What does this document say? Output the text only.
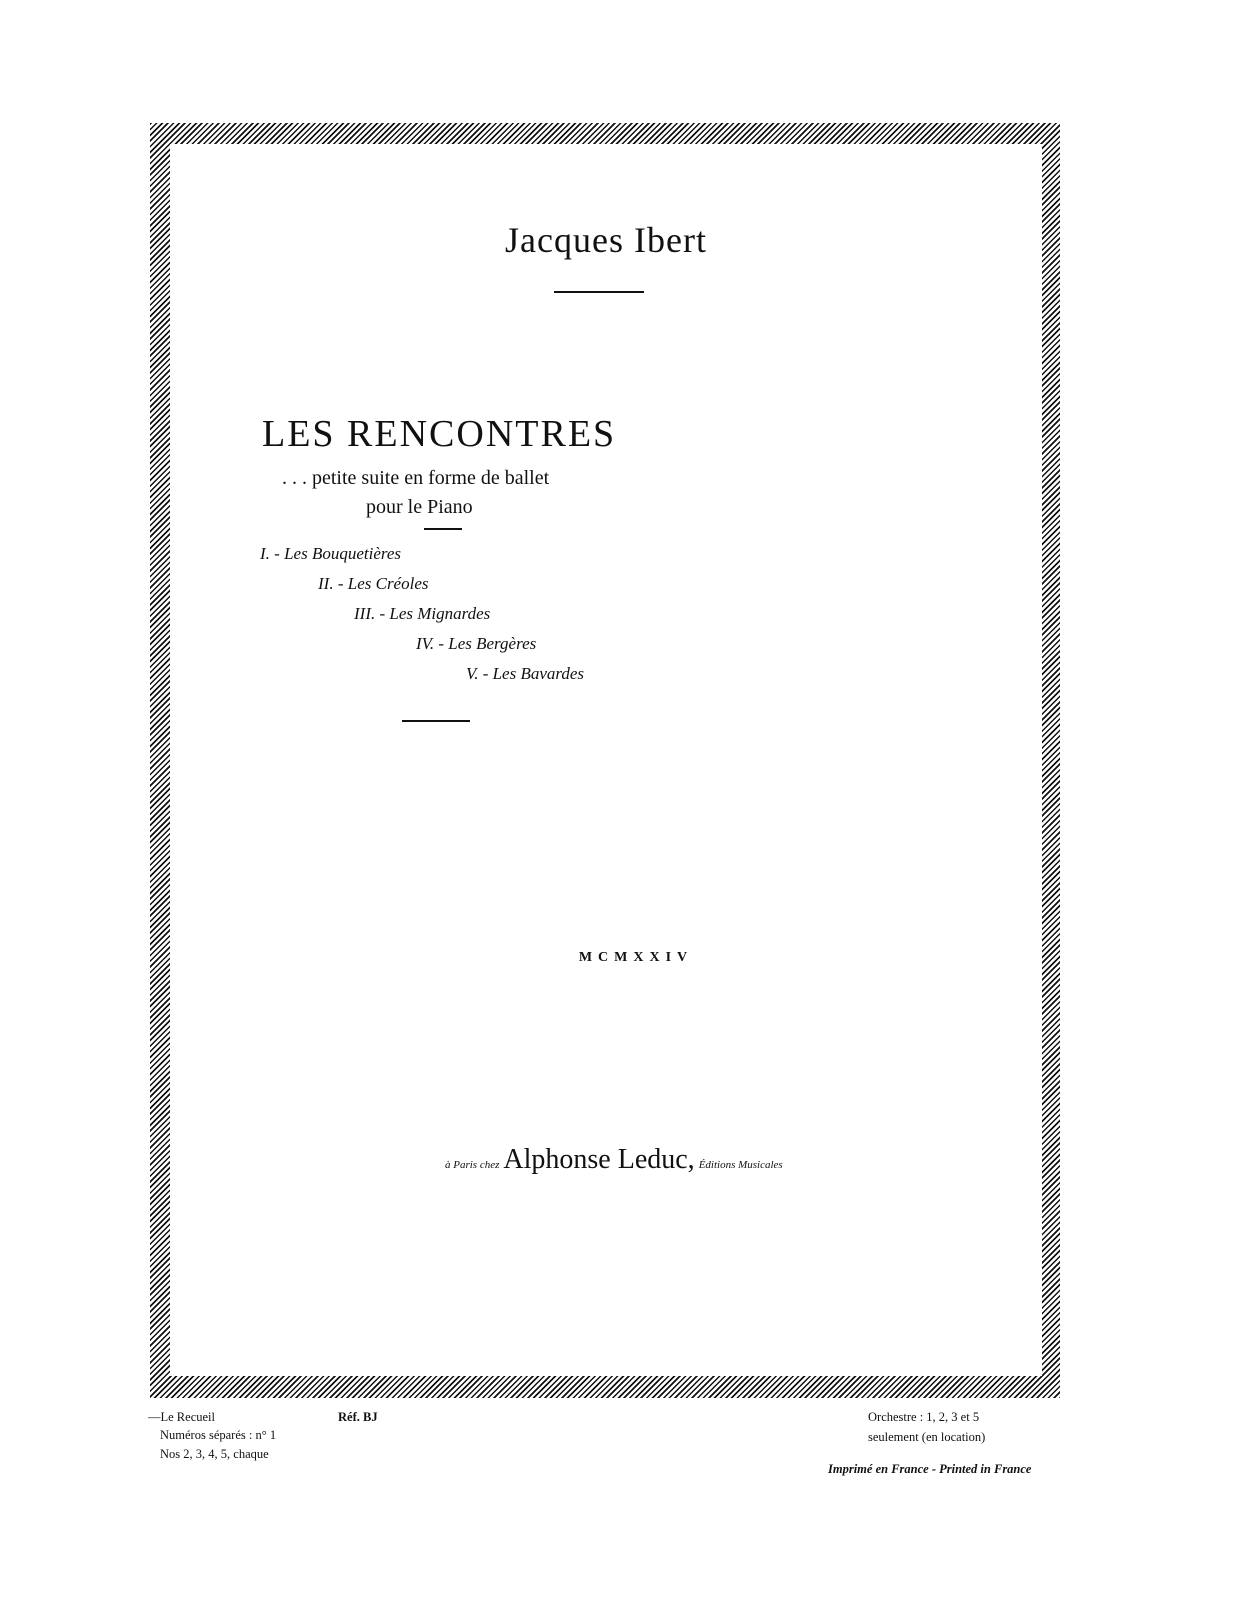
Jacques Ibert
LES RENCONTRES
. . . petite suite en forme de ballet
pour le Piano
I. - Les Bouquetières
II. - Les Créoles
III. - Les Mignardes
IV. - Les Bergères
V. - Les Bavardes
MCMXXIV
à Paris chez Alphonse Leduc, Éditions Musicales
—Le Recueil	Réf. BJ
Numéros séparés : n° 1
Nos 2, 3, 4, 5, chaque
Orchestre : 1, 2, 3 et 5
seulement (en location)
Imprimé en France - Printed in France
